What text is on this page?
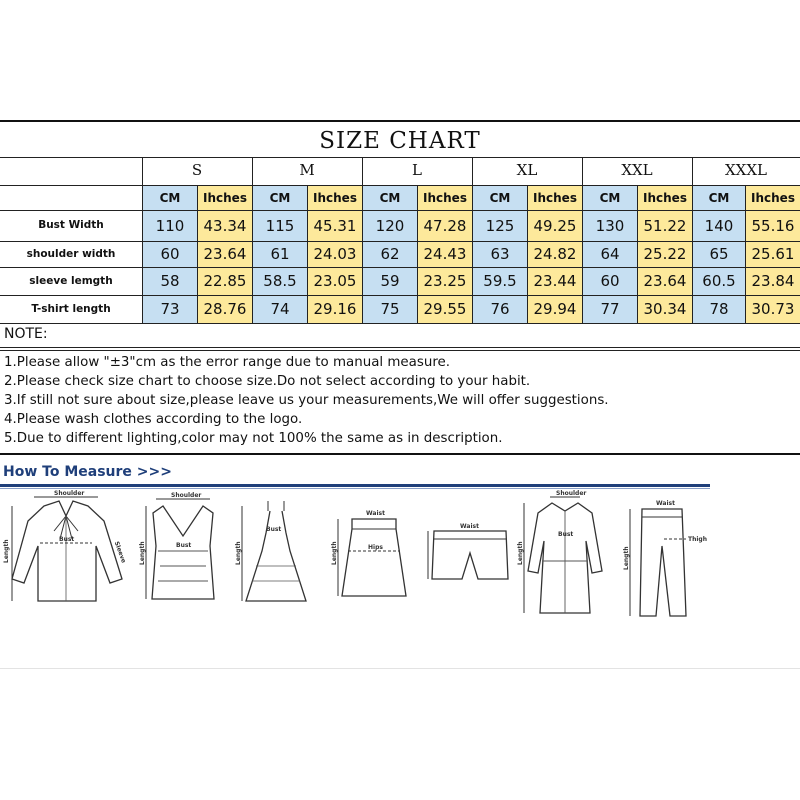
SIZE CHART
S	M	L	XL	XXL	XXXL
CM	Ihches	CM	Ihches	CM	Ihches	CM	Ihches	CM	Ihches	CM	Ihches
Bust Width	110	43.34	115	45.31	120	47.28	125	49.25	130	51.22	140	55.16
shoulder width	60	23.64	61	24.03	62	24.43	63	24.82	64	25.22	65	25.61
sleeve lemgth	58	22.85	58.5	23.05	59	23.25	59.5	23.44	60	23.64	60.5	23.84
T-shirt length	73	28.76	74	29.16	75	29.55	76	29.94	77	30.34	78	30.73
NOTE:
1.Please allow "±3"cm as the error range due to manual measure.
2.Please check size chart to choose size.Do not select according to your habit.
3.If still not sure about size,please leave us your measurements,We will offer suggestions.
4.Please wash clothes according to the logo.
5.Due to different lighting,color may not 100% the same as in description.
How To Measure >>>
Shoulder
Bust
Length	Sleeve
Shoulder
Bust
Length
Bust
Length
Waist
Hips
Length
Waist
Shoulder
Bust
Length
Waist
Thigh
Length
